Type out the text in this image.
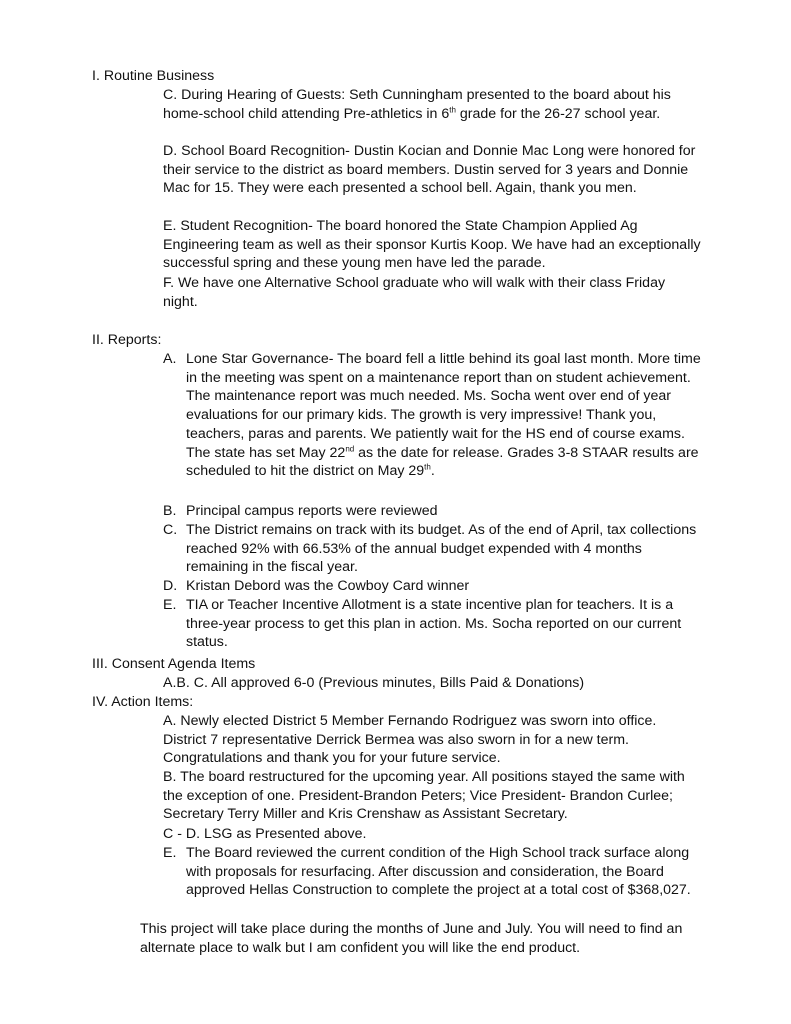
I. Routine Business

C. During Hearing of Guests: Seth Cunningham presented to the board about his home-school child attending Pre-athletics in 6th grade for the 26-27 school year.

D. School Board Recognition- Dustin Kocian and Donnie Mac Long were honored for their service to the district as board members. Dustin served for 3 years and Donnie Mac for 15. They were each presented a school bell. Again, thank you men.

E. Student Recognition- The board honored the State Champion Applied Ag Engineering team as well as their sponsor Kurtis Koop. We have had an exceptionally successful spring and these young men have led the parade.

F. We have one Alternative School graduate who will walk with their class Friday night.

II. Reports:

A. Lone Star Governance- The board fell a little behind its goal last month. More time in the meeting was spent on a maintenance report than on student achievement. The maintenance report was much needed. Ms. Socha went over end of year evaluations for our primary kids. The growth is very impressive! Thank you, teachers, paras and parents. We patiently wait for the HS end of course exams. The state has set May 22nd as the date for release. Grades 3-8 STAAR results are scheduled to hit the district on May 29th.
B. Principal campus reports were reviewed
C. The District remains on track with its budget. As of the end of April, tax collections reached 92% with 66.53% of the annual budget expended with 4 months remaining in the fiscal year.
D. Kristan Debord was the Cowboy Card winner
E. TIA or Teacher Incentive Allotment is a state incentive plan for teachers. It is a three-year process to get this plan in action. Ms. Socha reported on our current status.

III. Consent Agenda Items

A.B. C. All approved 6-0 (Previous minutes, Bills Paid & Donations)

IV. Action Items:

A. Newly elected District 5 Member Fernando Rodriguez was sworn into office. District 7 representative Derrick Bermea was also sworn in for a new term. Congratulations and thank you for your future service.

B. The board restructured for the upcoming year. All positions stayed the same with the exception of one. President-Brandon Peters; Vice President- Brandon Curlee; Secretary Terry Miller and Kris Crenshaw as Assistant Secretary.

C - D. LSG as Presented above.

E. The Board reviewed the current condition of the High School track surface along with proposals for resurfacing. After discussion and consideration, the Board approved Hellas Construction to complete the project at a total cost of $368,027.

This project will take place during the months of June and July. You will need to find an alternate place to walk but I am confident you will like the end product.
